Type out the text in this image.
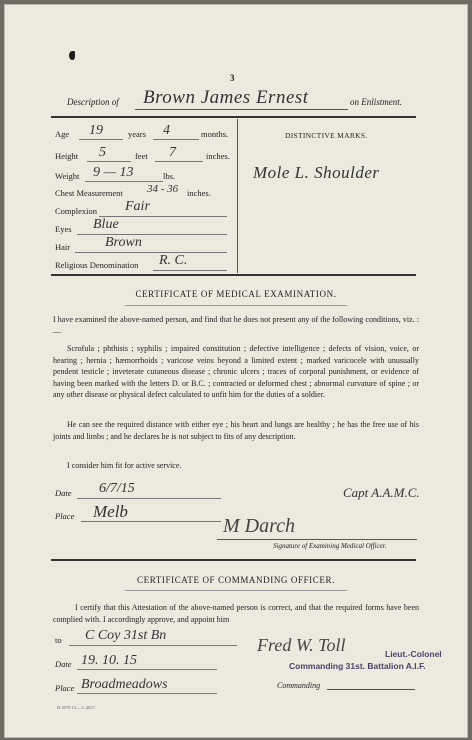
3
Description of Brown James Ernest	on Enlistment.
Age 19	years 4	months.
Height 5	feet 7	inches.
Weight 9 — 13	lbs.
Chest Measurement 34 - 36 inches.
Complexion Fair
Eyes Blue
Hair Brown
Religious Denomination R. C.
DISTINCTIVE MARKS.
Mole L. Shoulder
CERTIFICATE OF MEDICAL EXAMINATION.
I have examined the above-named person, and find that he does not present any of the following conditions, viz. :—
Scrofula ; phthisis ; syphilis ; impaired constitution ; defective intelligence ; defects of vision, voice, or hearing ; hernia ; hæmorrhoids ; varicose veins beyond a limited extent ; marked varicocele with unusually pendent testicle ; inveterate cutaneous disease ; chronic ulcers ; traces of corporal punishment, or evidence of having been marked with the letters D. or B.C. ; contracted or deformed chest ; abnormal curvature of spine ; or any other disease or physical defect calculated to unfit him for the duties of a soldier.
He can see the required distance with either eye ; his heart and lungs are healthy ; he has the free use of his joints and limbs ; and he declares he is not subject to fits of any description.
I consider him fit for active service.
Date 6/7/15
Place Melb
Capt A.A.M.C.
M Darch
Signature of Examining Medical Officer.
CERTIFICATE OF COMMANDING OFFICER.
I certify that this Attestation of the above-named person is correct, and that the required forms have been complied with. I accordingly approve, and appoint him
to C Coy 31st Bn
Date 19. 10. 15
Place Broadmeadows
Fred W. Toll	Lieut.-Colonel
Commanding 31st. Battalion A.I.F.
Commanding
D.3079.15.—C.4657.
